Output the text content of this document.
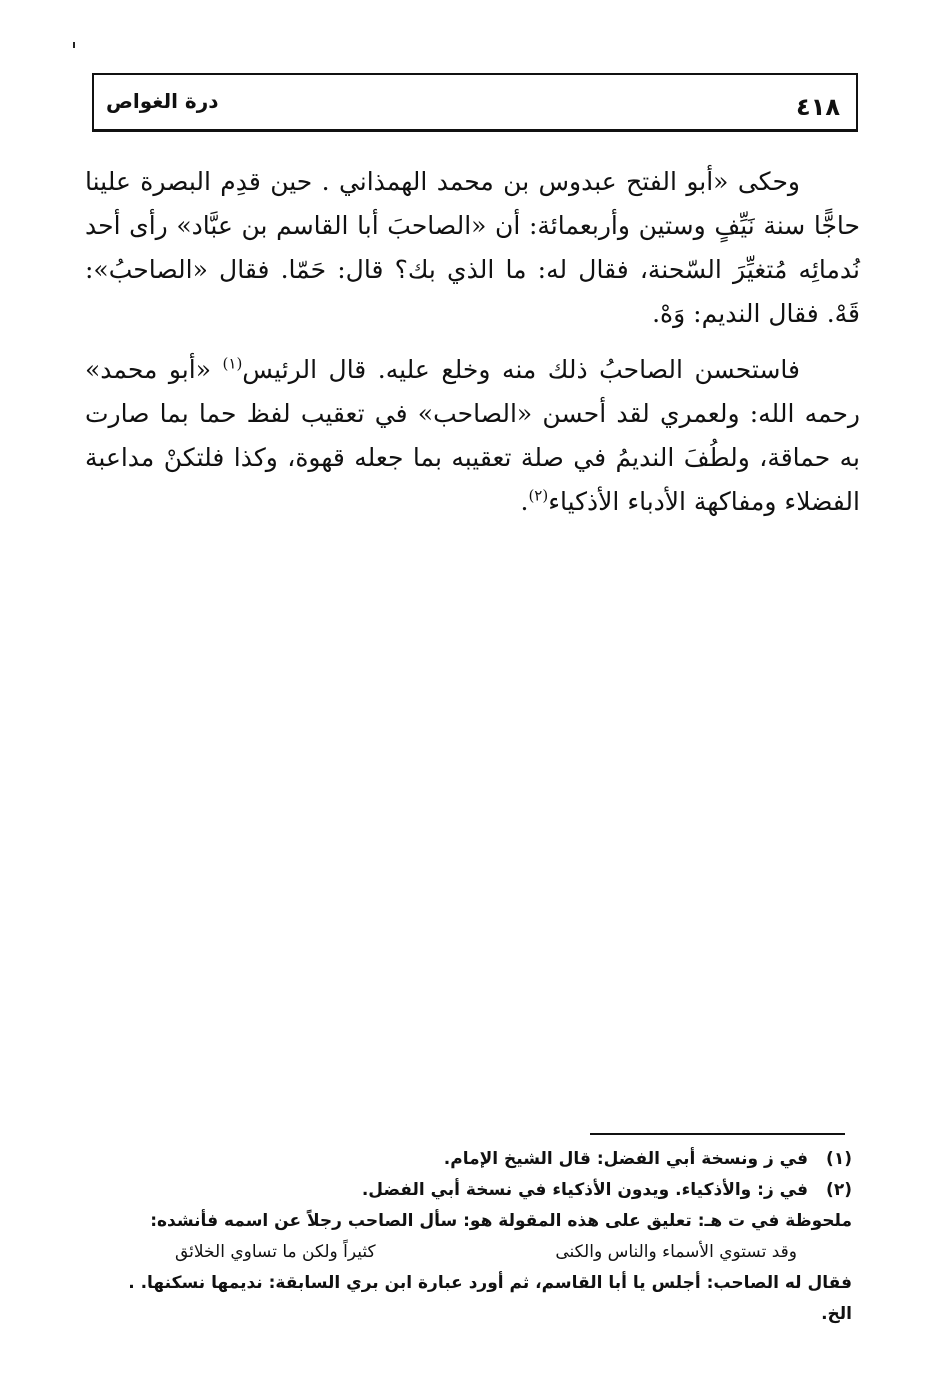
٤١٨
درة الغواص

وحكى «أبو الفتح عبدوس بن محمد الهمذاني . حين قدِم البصرة علينا حاجًّا سنة نَيِّفٍ وستين وأربعمائة: أن «الصاحبَ أبا القاسم بن عبَّاد» رأى أحد نُدمائِه مُتغيِّرَ السّحنة، فقال له: ما الذي بك؟ قال: حَمّا. فقال «الصاحبُ»: قَهْ. فقال النديم: وَهْ.

فاستحسن الصاحبُ ذلك منه وخلع عليه. قال الرئيس$^{(١)}$ «أبو محمد» رحمه الله: ولعمري لقد أحسن «الصاحب» في تعقيب لفظ حما بما صارت به حماقة، ولطُفَ النديمُ في صلة تعقيبه بما جعله قهوة، وكذا فلتكنْ مداعبة الفضلاء ومفاكهة الأدباء الأذكياء$^{(٢)}$.

(١)في ز ونسخة أبي الفضل: قال الشيخ الإمام.
(٢)في ز: والأذكياء. ويدون الأذكياء في نسخة أبي الفضل.
ملحوظة في ت هـ: تعليق على هذه المقولة هو: سأل الصاحب رجلاً عن اسمه فأنشده:
وقد تستوي الأسماء والناس والكنى
كثيراً ولكن ما تساوي الخلائق
فقال له الصاحب: أجلس يا أبا القاسم، ثم أورد عبارة ابن بري السابقة: نديمها نسكنها. .
الخ.
